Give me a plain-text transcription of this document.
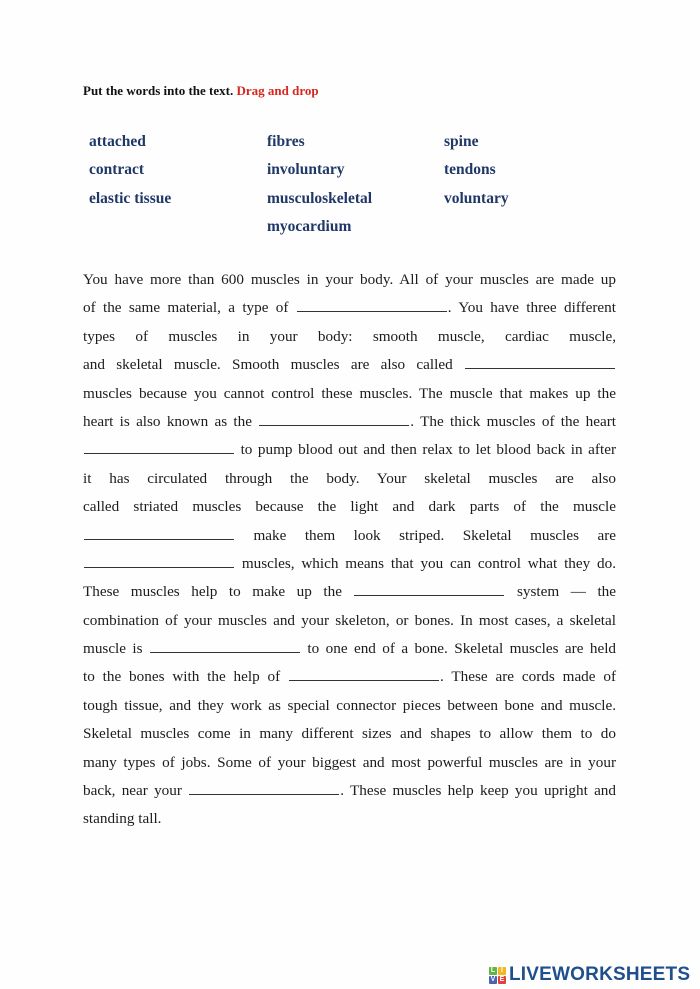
Put the words into the text. Drag and drop
attached
contract
elastic tissue
fibres
involuntary
musculoskeletal
myocardium
spine
tendons
voluntary
You have more than 600 muscles in your body. All of your muscles are made up
of the same material, a type of	. You have three different
types of muscles in your body: smooth muscle, cardiac muscle,
and skeletal muscle. Smooth muscles are also called
muscles because you cannot control these muscles. The muscle that makes up the
heart is also known as the	. The thick muscles of the heart
to pump blood out and then relax to let blood back in after
it has circulated through the body. Your skeletal muscles are also
called striated muscles because the light and dark parts of the muscle
make them look striped. Skeletal muscles are
muscles, which means that you can control what they do.
These muscles help to make up the	system — the
combination of your muscles and your skeleton, or bones. In most cases, a skeletal
muscle is	to one end of a bone. Skeletal muscles are held
to the bones with the help of	. These are cords made of
tough tissue, and they work as special connector pieces between bone and muscle.
Skeletal muscles come in many different sizes and shapes to allow them to do
many types of jobs. Some of your biggest and most powerful muscles are in your
back, near your	. These muscles help keep you upright and
standing tall.
L I
V E LIVEWORKSHEETS
